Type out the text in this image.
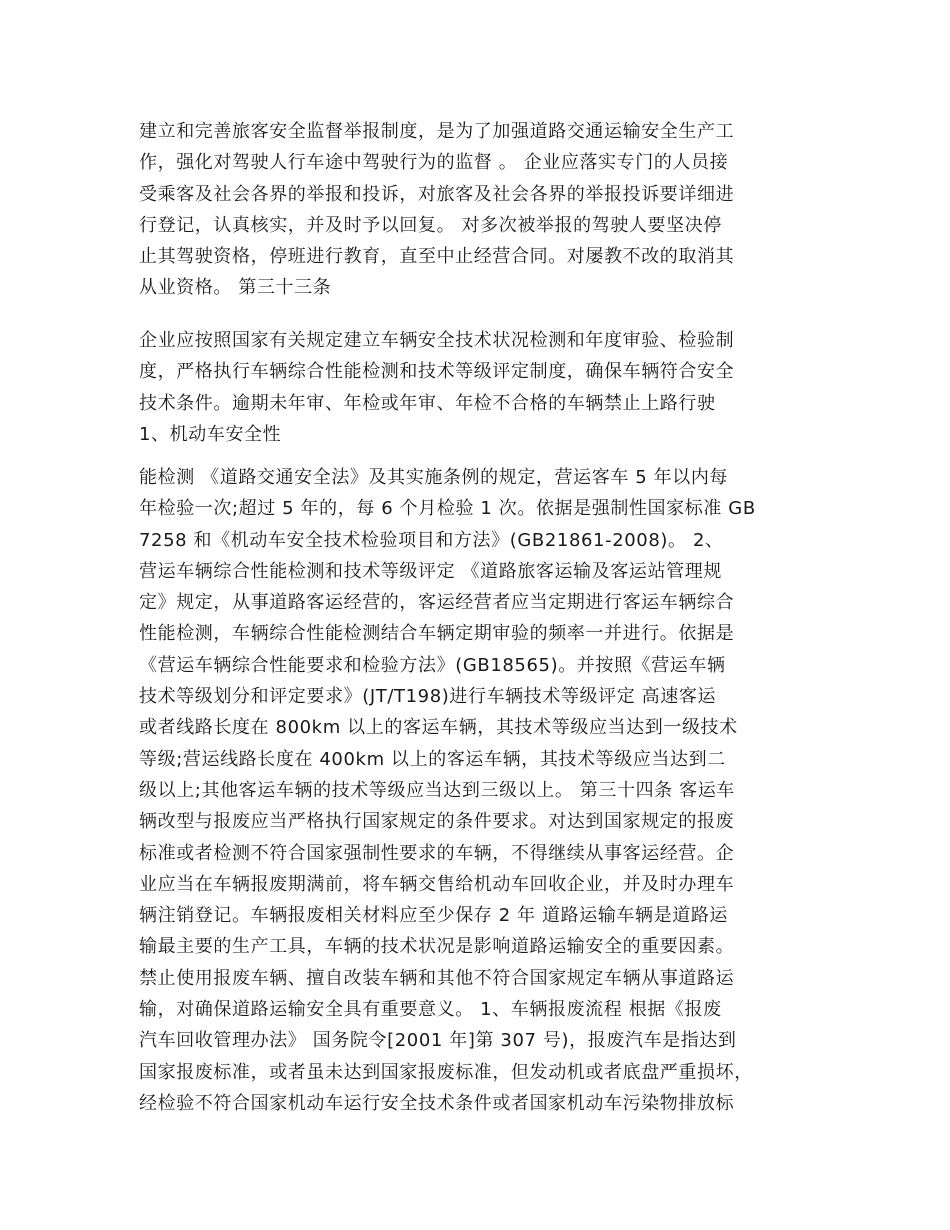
建立和完善旅客安全监督举报制度，是为了加强道路交通运输安全生产工
作，强化对驾驶人行车途中驾驶行为的监督 。 企业应落实专门的人员接
受乘客及社会各界的举报和投诉，对旅客及社会各界的举报投诉要详细进
行登记，认真核实，并及时予以回复。 对多次被举报的驾驶人要坚决停
止其驾驶资格，停班进行教育，直至中止经营合同。对屡教不改的取消其
从业资格。 第三十三条
企业应按照国家有关规定建立车辆安全技术状况检测和年度审验、检验制
度，严格执行车辆综合性能检测和技术等级评定制度，确保车辆符合安全
技术条件。逾期未年审、年检或年审、年检不合格的车辆禁止上路行驶
1、机动车安全性
能检测 《道路交通安全法》及其实施条例的规定，营运客车 5 年以内每
年检验一次;超过 5 年的，每 6 个月检验 1 次。依据是强制性国家标准 GB
7258 和《机动车安全技术检验项目和方法》(GB21861-2008)。 2、
营运车辆综合性能检测和技术等级评定 《道路旅客运输及客运站管理规
定》规定，从事道路客运经营的，客运经营者应当定期进行客运车辆综合
性能检测，车辆综合性能检测结合车辆定期审验的频率一并进行。依据是
《营运车辆综合性能要求和检验方法》(GB18565)。并按照《营运车辆
技术等级划分和评定要求》(JT/T198)进行车辆技术等级评定 高速客运
或者线路长度在 800km 以上的客运车辆，其技术等级应当达到一级技术
等级;营运线路长度在 400km 以上的客运车辆，其技术等级应当达到二
级以上;其他客运车辆的技术等级应当达到三级以上。 第三十四条 客运车
辆改型与报废应当严格执行国家规定的条件要求。对达到国家规定的报废
标准或者检测不符合国家强制性要求的车辆，不得继续从事客运经营。企
业应当在车辆报废期满前，将车辆交售给机动车回收企业，并及时办理车
辆注销登记。车辆报废相关材料应至少保存 2 年 道路运输车辆是道路运
输最主要的生产工具，车辆的技术状况是影响道路运输安全的重要因素。
禁止使用报废车辆、擅自改装车辆和其他不符合国家规定车辆从事道路运
输，对确保道路运输安全具有重要意义。 1、车辆报废流程 根据《报废
汽车回收管理办法》 国务院令[2001 年]第 307 号)，报废汽车是指达到
国家报废标准，或者虽未达到国家报废标准，但发动机或者底盘严重损坏，
经检验不符合国家机动车运行安全技术条件或者国家机动车污染物排放标
